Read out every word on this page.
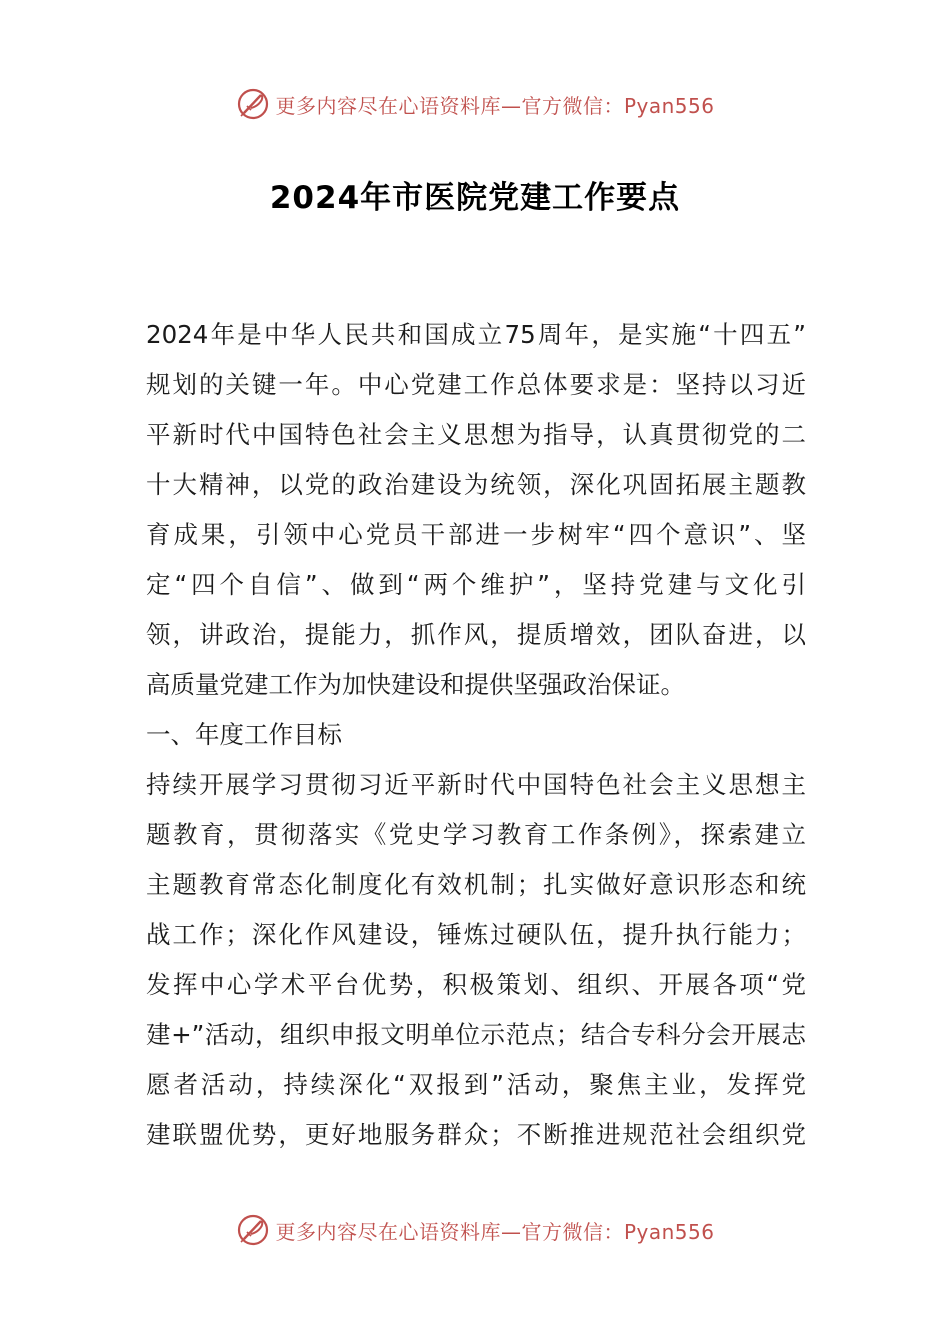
更多内容尽在心语资料库—官方微信：Pyan556
2024年市医院党建工作要点
2024年是中华人民共和国成立75周年，是实施“十四五”
规划的关键一年。中心党建工作总体要求是：坚持以习近
平新时代中国特色社会主义思想为指导，认真贯彻党的二
十大精神，以党的政治建设为统领，深化巩固拓展主题教
育成果，引领中心党员干部进一步树牢“四个意识”、坚
定“四个自信”、做到“两个维护”，坚持党建与文化引
领，讲政治，提能力，抓作风，提质增效，团队奋进，以
高质量党建工作为加快建设和提供坚强政治保证。
一、年度工作目标
持续开展学习贯彻习近平新时代中国特色社会主义思想主
题教育，贯彻落实《党史学习教育工作条例》，探索建立
主题教育常态化制度化有效机制；扎实做好意识形态和统
战工作；深化作风建设，锤炼过硬队伍，提升执行能力；
发挥中心学术平台优势，积极策划、组织、开展各项“党
建+”活动，组织申报文明单位示范点；结合专科分会开展志
愿者活动，持续深化“双报到”活动，聚焦主业，发挥党
建联盟优势，更好地服务群众；不断推进规范社会组织党
更多内容尽在心语资料库—官方微信：Pyan556
